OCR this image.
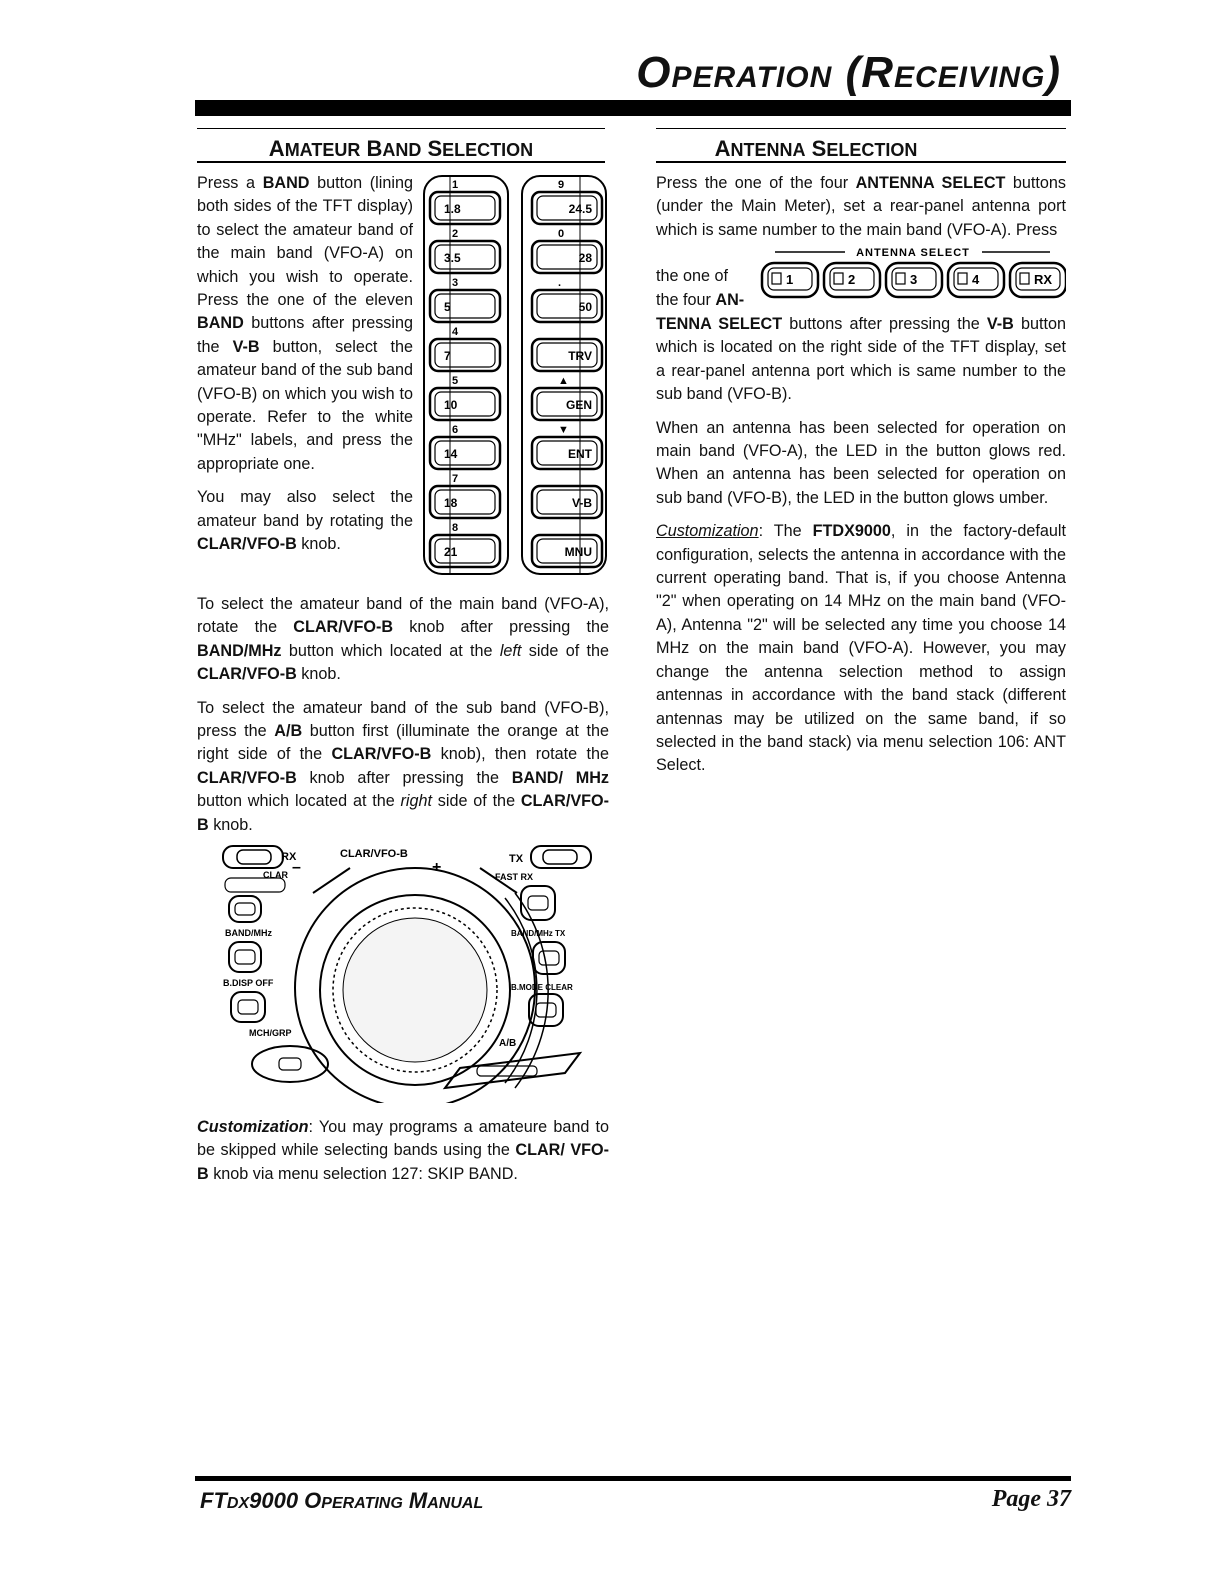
OPERATION (RECEIVING)
AMATEUR BAND SELECTION

Press a BAND button (lining both sides of the TFT display) to select the amateur band of the main band (VFO-A) on which you wish to operate. Press the one of the eleven BAND buttons after pressing the V-B button, select the amateur band of the sub band (VFO-B) on which you wish to operate. Refer to the white "MHz" labels, and press the appropriate one.

You may also select the amateur band by rotating the CLAR/VFO-B knob.

1.8
1
3.5
2
5
3
7
4
10
5
14
6
18
7
21
8
24.5
9
28
0
50
.
TRV
GEN
▲
ENT
▼
V-B
MNU

To select the amateur band of the main band (VFO-A), rotate the CLAR/VFO-B knob after pressing the BAND/MHz button which located at the left side of the CLAR/VFO-B knob.

To select the amateur band of the sub band (VFO-B), press the A/B button first (illuminate the orange at the right side of the CLAR/VFO-B knob), then rotate the CLAR/VFO-B knob after pressing the BAND/ MHz button which located at the right side of the CLAR/VFO-B knob.

RX	TX
CLAR/VFO-B
–	+
CLAR
BAND/MHz
B.DISP OFF
MCH/GRP
FAST RX
BAND/MHz TX
B.MODE CLEAR
A/B

Customization: You may programs a amateure band to be skipped while selecting bands using the CLAR/ VFO-B knob via menu selection 127: SKIP BAND.

ANTENNA SELECTION
Press the one of the four ANTENNA SELECT buttons (under the Main Meter), set a rear-panel antenna port which is same number to the main band (VFO-A). Press
the one of
the four AN-
ANTENNA SELECT
1	2	3	4	RX

TENNA SELECT buttons after pressing the V-B button which is located on the right side of the TFT display, set a rear-panel antenna port which is same number to the sub band (VFO-B).

When an antenna has been selected for operation on main band (VFO-A), the LED in the button glows red. When an antenna has been selected for operation on sub band (VFO-B), the LED in the button glows umber.

Customization: The FTDX9000, in the factory-default configuration, selects the antenna in accordance with the current operating band. That is, if you choose Antenna "2" when operating on 14 MHz on the main band (VFO-A), Antenna "2" will be selected any time you choose 14 MHz on the main band (VFO-A). However, you may change the antenna selection method to assign antennas in accordance with the band stack (different antennas may be utilized on the same band, if so selected in the band stack) via menu selection 106: ANT Select.

FTDX9000 OPERATING MANUAL	Page 37
